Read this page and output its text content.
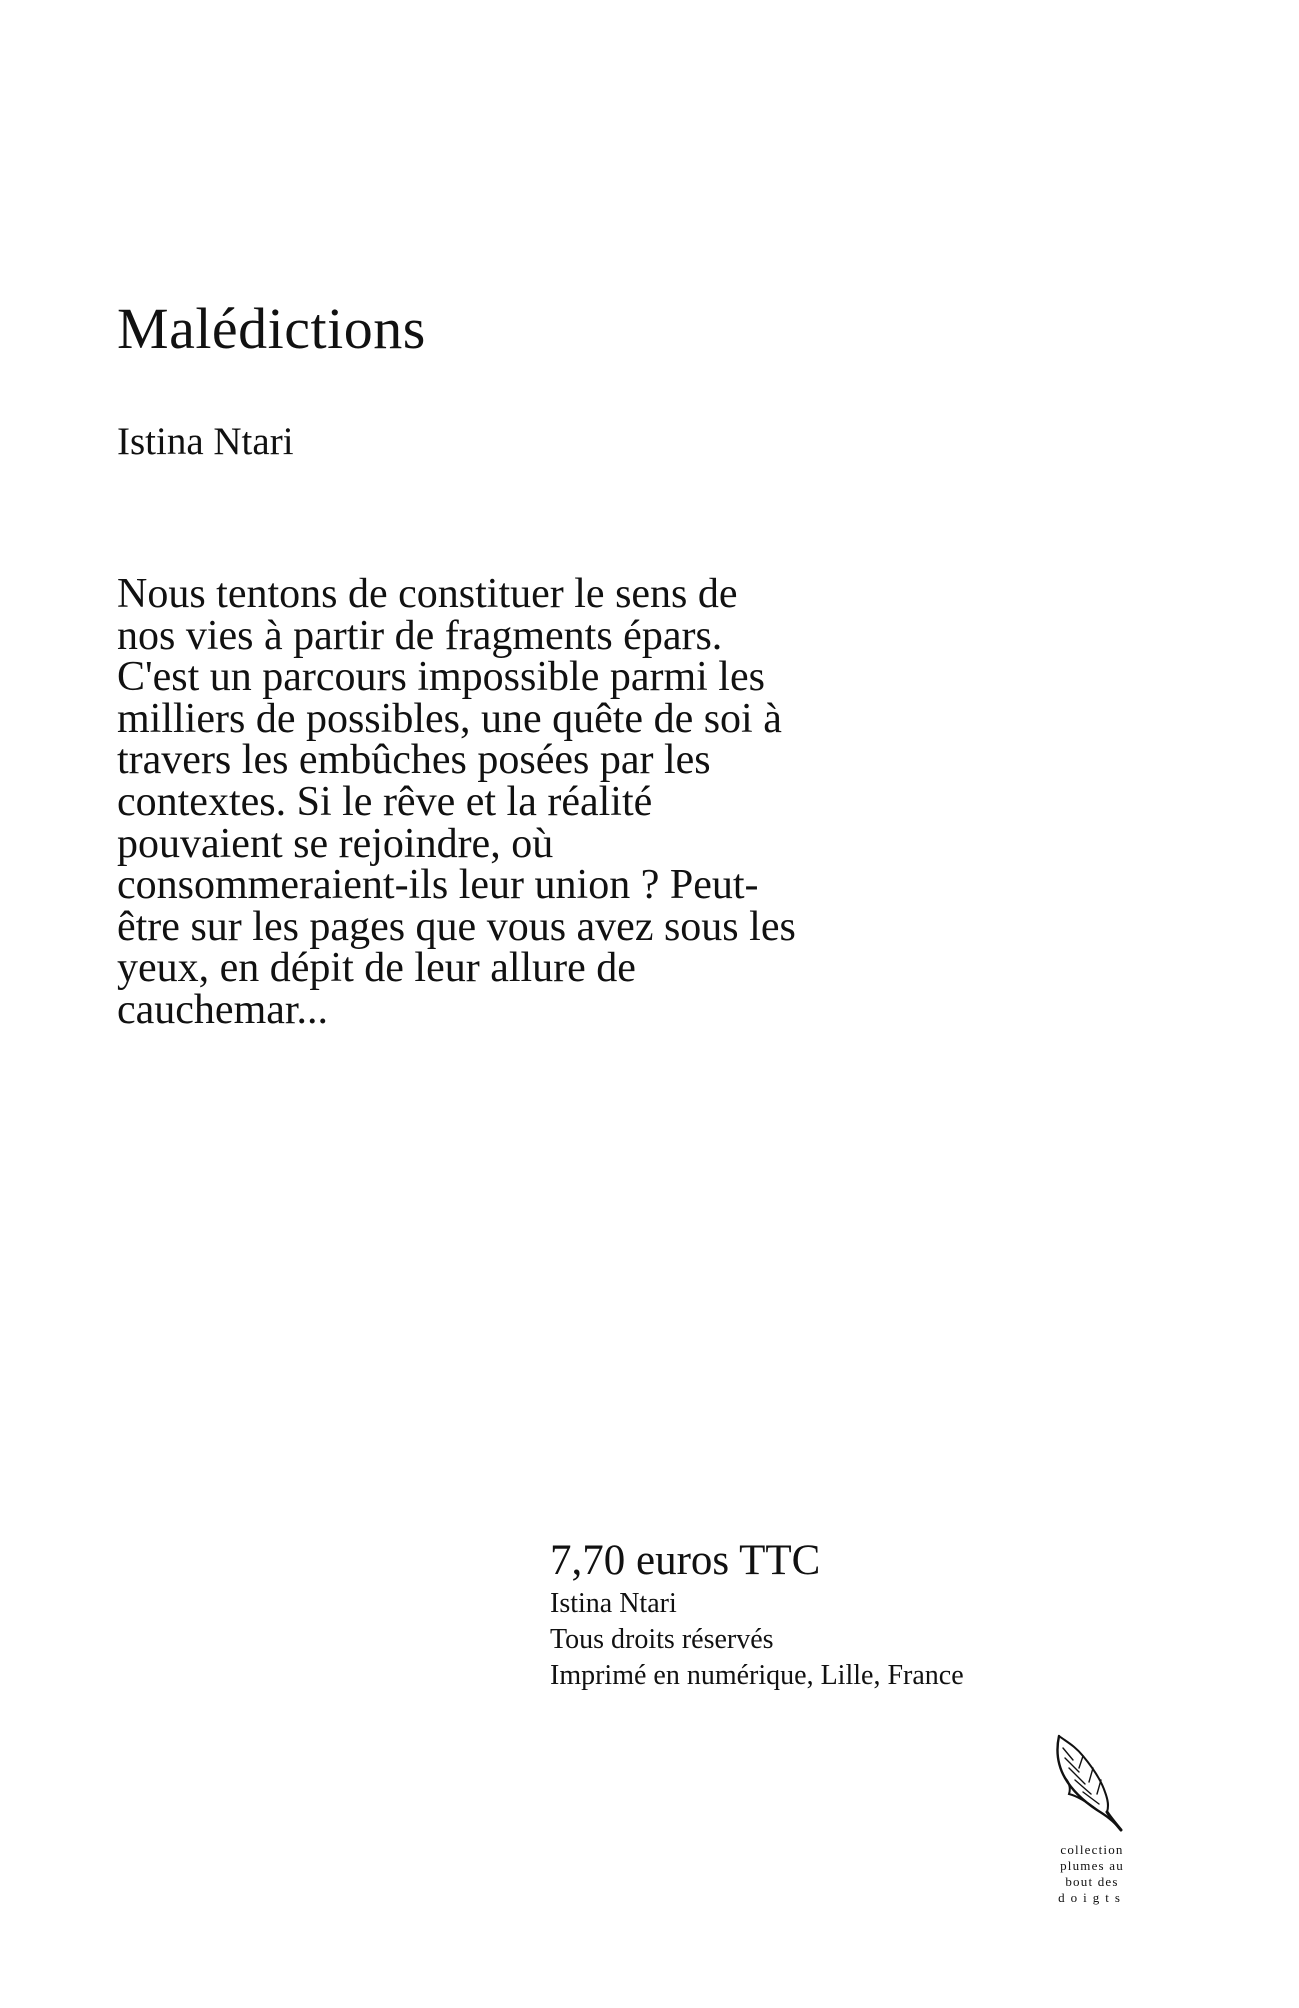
Malédictions
Istina Ntari
Nous tentons de constituer le sens de
nos vies à partir de fragments épars.
C'est un parcours impossible parmi les
milliers de possibles, une quête de soi à
travers les embûches posées par les
contextes. Si le rêve et la réalité
pouvaient se rejoindre, où
consommeraient-ils leur union ? Peut-
être sur les pages que vous avez sous les
yeux, en dépit de leur allure de
cauchemar...
7,70 euros TTC
Istina Ntari
Tous droits réservés
Imprimé en numérique, Lille, France
collection
plumes au
bout des
doigts
